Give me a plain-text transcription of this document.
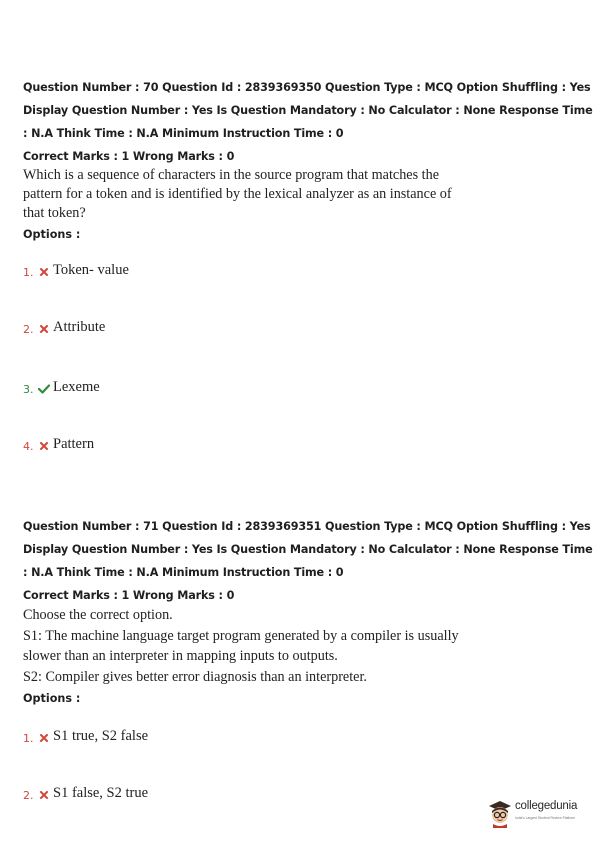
Question Number : 70 Question Id : 2839369350 Question Type : MCQ Option Shuffling : Yes
Display Question Number : Yes Is Question Mandatory : No Calculator : None Response Time
: N.A Think Time : N.A Minimum Instruction Time : 0
Correct Marks : 1 Wrong Marks : 0
Which is a sequence of characters in the source program that matches the
pattern for a token and is identified by the lexical analyzer as an instance of
that token?
Options :
1. Token- value
2. Attribute
3. Lexeme
4. Pattern
Question Number : 71 Question Id : 2839369351 Question Type : MCQ Option Shuffling : Yes
Display Question Number : Yes Is Question Mandatory : No Calculator : None Response Time
: N.A Think Time : N.A Minimum Instruction Time : 0
Correct Marks : 1 Wrong Marks : 0
Choose the correct option.
S1: The machine language target program generated by a compiler is usually
slower than an interpreter in mapping inputs to outputs.
S2: Compiler gives better error diagnosis than an interpreter.
Options :
1. S1 true, S2 false
2. S1 false, S2 true
collegedunia
India's Largest Student Review Platform
